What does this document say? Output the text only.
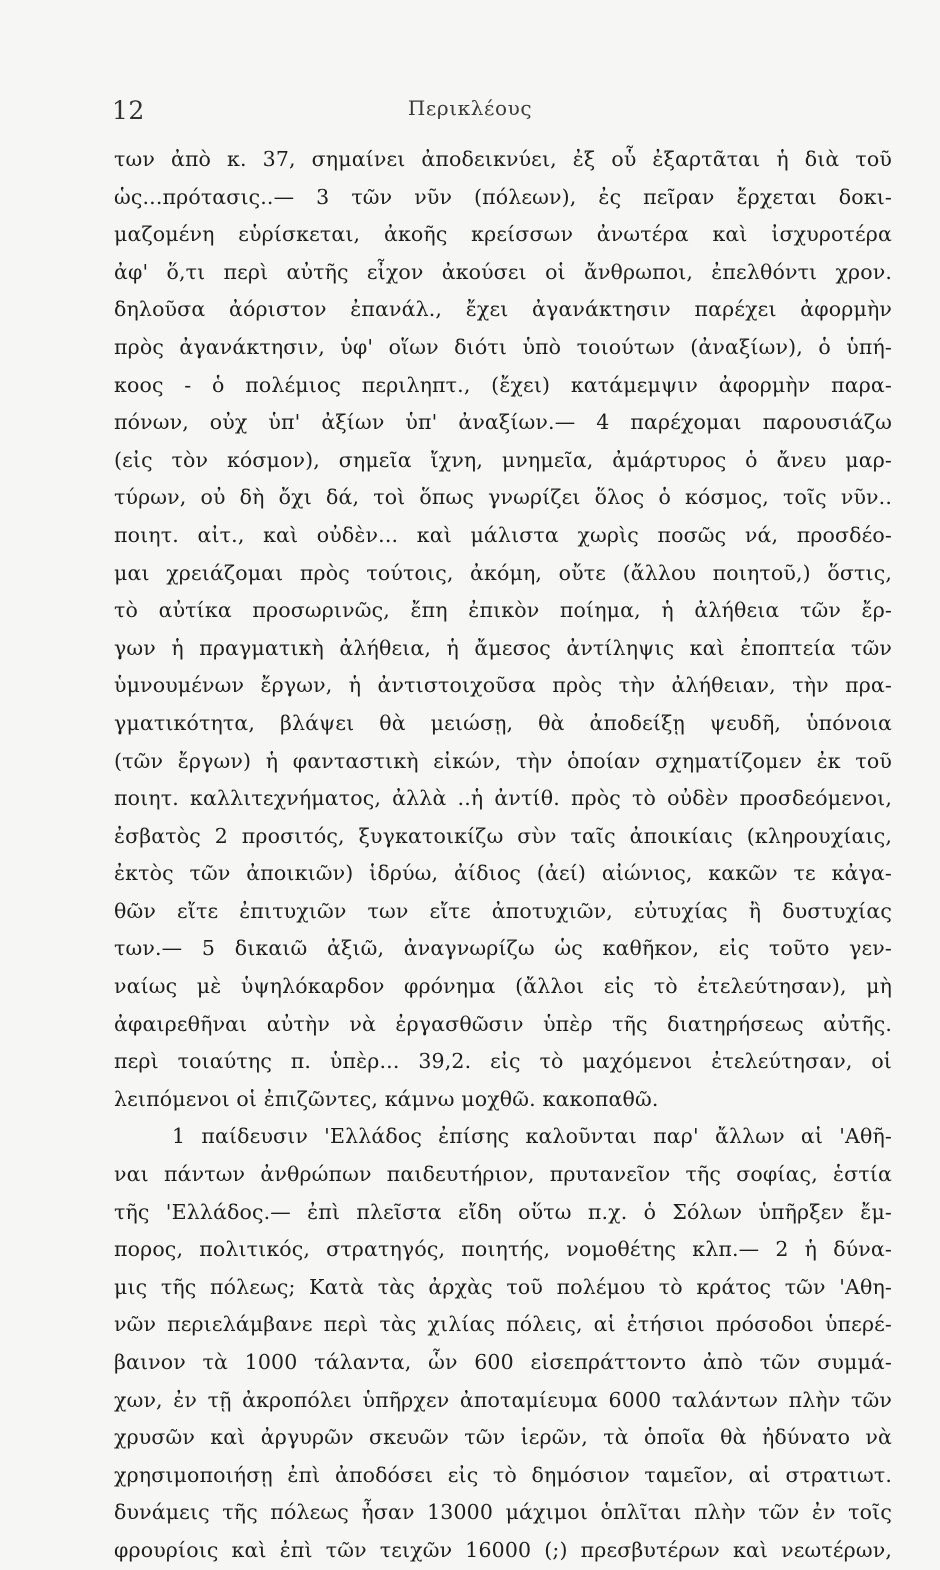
12	Περικλέους
των ἀπὸ κ. 37, σημαίνει ἀποδεικνύει, ἐξ οὗ ἐξαρτᾶται ἡ διὰ τοῦ
ὡς...πρότασις..— 3 τῶν νῦν (πόλεων), ἐς πεῖραν ἔρχεται δοκι-
μαζομένη εὑρίσκεται, ἀκοῆς κρείσσων ἀνωτέρα καὶ ἰσχυροτέρα
ἀφ' ὅ,τι περὶ αὐτῆς εἶχον ἀκούσει οἱ ἄνθρωποι, ἐπελθόντι χρον.
δηλοῦσα ἀόριστον ἐπανάλ., ἔχει ἀγανάκτησιν παρέχει ἀφορμὴν
πρὸς ἀγανάκτησιν, ὑφ' οἵων διότι ὑπὸ τοιούτων (ἀναξίων), ὁ ὑπή-
κοος - ὁ πολέμιος περιληπτ., (ἔχει) κατάμεμψιν ἀφορμὴν παρα-
πόνων, οὐχ ὑπ' ἀξίων ὑπ' ἀναξίων.— 4 παρέχομαι παρουσιάζω
(εἰς τὸν κόσμον), σημεῖα ἴχνη, μνημεῖα, ἀμάρτυρος ὁ ἄνευ μαρ-
τύρων, οὐ δὴ ὄχι δά, τοὶ ὅπως γνωρίζει ὅλος ὁ κόσμος, τοῖς νῦν..
ποιητ. αἰτ., καὶ οὐδὲν... καὶ μάλιστα χωρὶς ποσῶς νά, προσδέο-
μαι χρειάζομαι πρὸς τούτοις, ἀκόμη, οὔτε (ἄλλου ποιητοῦ,) ὅστις,
τὸ αὐτίκα προσωρινῶς, ἔπη ἐπικὸν ποίημα, ἡ ἀλήθεια τῶν ἔρ-
γων ἡ πραγματικὴ ἀλήθεια, ἡ ἄμεσος ἀντίληψις καὶ ἐποπτεία τῶν
ὑμνουμένων ἔργων, ἡ ἀντιστοιχοῦσα πρὸς τὴν ἀλήθειαν, τὴν πρα-
γματικότητα, βλάψει θὰ μειώσῃ, θὰ ἀποδείξῃ ψευδῆ, ὑπόνοια
(τῶν ἔργων) ἡ φανταστικὴ εἰκών, τὴν ὁποίαν σχηματίζομεν ἐκ τοῦ
ποιητ. καλλιτεχνήματος, ἀλλὰ ..ἡ ἀντίθ. πρὸς τὸ οὐδὲν προσδεόμενοι,
ἐσβατὸς 2 προσιτός, ξυγκατοικίζω σὺν ταῖς ἀποικίαις (κληρουχίαις,
ἐκτὸς τῶν ἀποικιῶν) ἱδρύω, ἀίδιος (ἀεί) αἰώνιος, κακῶν τε κἀγα-
θῶν εἴτε ἐπιτυχιῶν των εἴτε ἀποτυχιῶν, εὐτυχίας ἢ δυστυχίας
των.— 5 δικαιῶ ἀξιῶ, ἀναγνωρίζω ὡς καθῆκον, εἰς τοῦτο γεν-
ναίως μὲ ὑψηλόκαρδον φρόνημα (ἄλλοι εἰς τὸ ἐτελεύτησαν), μὴ
ἀφαιρεθῆναι αὐτὴν νὰ ἐργασθῶσιν ὑπὲρ τῆς διατηρήσεως αὐτῆς.
περὶ τοιαύτης π. ὑπὲρ... 39,2. εἰς τὸ μαχόμενοι ἐτελεύτησαν, οἱ
λειπόμενοι οἱ ἐπιζῶντες, κάμνω μοχθῶ. κακοπαθῶ.
1 παίδευσιν 'Ελλάδος ἐπίσης καλοῦνται παρ' ἄλλων αἱ 'Αθῆ-
ναι πάντων ἀνθρώπων παιδευτήριον, πρυτανεῖον τῆς σοφίας, ἑστία
τῆς 'Ελλάδος.— ἐπὶ πλεῖστα εἴδη οὕτω π.χ. ὁ Σόλων ὑπῆρξεν ἔμ-
πορος, πολιτικός, στρατηγός, ποιητής, νομοθέτης κλπ.— 2 ἡ δύνα-
μις τῆς πόλεως; Κατὰ τὰς ἀρχὰς τοῦ πολέμου τὸ κράτος τῶν 'Αθη-
νῶν περιελάμβανε περὶ τὰς χιλίας πόλεις, αἱ ἐτήσιοι πρόσοδοι ὑπερέ-
βαινον τὰ 1000 τάλαντα, ὧν 600 εἰσεπράττοντο ἀπὸ τῶν συμμά-
χων, ἐν τῇ ἀκροπόλει ὑπῆρχεν ἀποταμίευμα 6000 ταλάντων πλὴν τῶν
χρυσῶν καὶ ἀργυρῶν σκευῶν τῶν ἱερῶν, τὰ ὁποῖα θὰ ἠδύνατο νὰ
χρησιμοποιήσῃ ἐπὶ ἀποδόσει εἰς τὸ δημόσιον ταμεῖον, αἱ στρατιωτ.
δυνάμεις τῆς πόλεως ἦσαν 13000 μάχιμοι ὁπλῖται πλὴν τῶν ἐν τοῖς
φρουρίοις καὶ ἐπὶ τῶν τειχῶν 16000 (;) πρεσβυτέρων καὶ νεωτέρων,
